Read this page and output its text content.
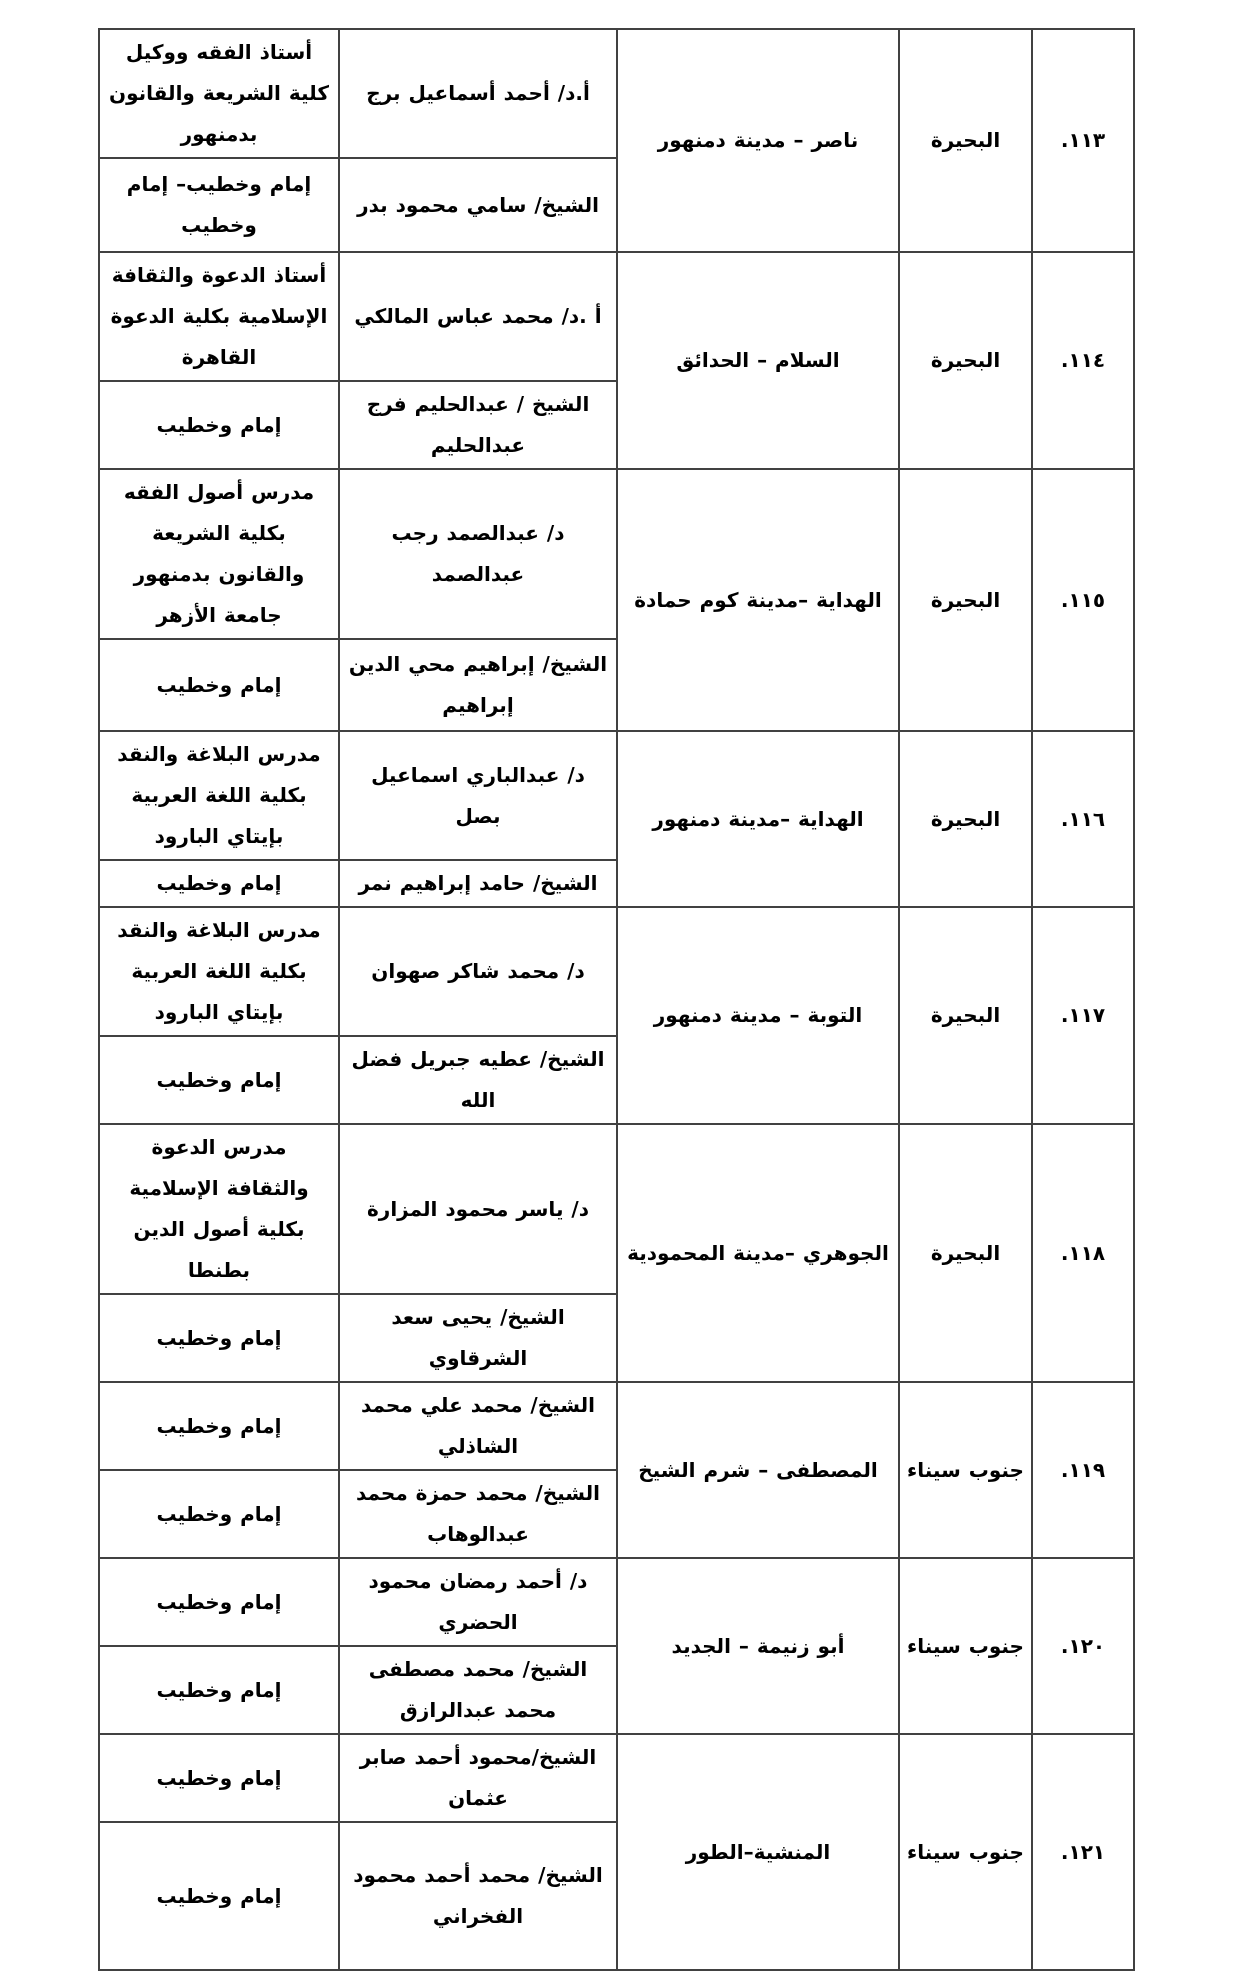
١١٣.	البحيرة	ناصر – مدينة دمنهور	أ.د/ أحمد أسماعيل برج	أستاذ الفقه ووكيل كلية الشريعة والقانون بدمنهور
			الشيخ/ سامي محمود بدر	إمام وخطيب– إمام وخطيب
١١٤.	البحيرة	السلام – الحدائق	أ .د/ محمد عباس المالكي	أستاذ الدعوة والثقافة الإسلامية بكلية الدعوة القاهرة
			الشيخ / عبدالحليم فرج عبدالحليم	إمام وخطيب
١١٥.	البحيرة	الهداية –مدينة كوم حمادة	د/ عبدالصمد رجب عبدالصمد	مدرس أصول الفقه بكلية الشريعة والقانون بدمنهور جامعة الأزهر
			الشيخ/ إبراهيم محي الدين إبراهيم	إمام وخطيب
١١٦.	البحيرة	الهداية –مدينة دمنهور	د/ عبدالباري اسماعيل بصل	مدرس البلاغة والنقد بكلية اللغة العربية بإيتاي البارود
			الشيخ/ حامد إبراهيم نمر	إمام وخطيب
١١٧.	البحيرة	التوبة – مدينة دمنهور	د/ محمد شاكر صهوان	مدرس البلاغة والنقد بكلية اللغة العربية بإيتاي البارود
			الشيخ/ عطيه جبريل فضل الله	إمام وخطيب
١١٨.	البحيرة	الجوهري –مدينة المحمودية	د/ ياسر محمود المزارة	مدرس الدعوة والثقافة الإسلامية بكلية أصول الدين بطنطا
			الشيخ/ يحيى سعد الشرقاوي	إمام وخطيب
١١٩.	جنوب سيناء	المصطفى – شرم الشيخ	الشيخ/ محمد علي محمد الشاذلي	إمام وخطيب
			الشيخ/ محمد حمزة محمد عبدالوهاب	إمام وخطيب
١٢٠.	جنوب سيناء	أبو زنيمة – الجديد	د/ أحمد رمضان محمود الحضري	إمام وخطيب
			الشيخ/ محمد مصطفى محمد عبدالرازق	إمام وخطيب
١٢١.	جنوب سيناء	المنشية–الطور	الشيخ/محمود أحمد صابر عثمان	إمام وخطيب
			الشيخ/ محمد أحمد محمود الفخراني	إمام وخطيب
